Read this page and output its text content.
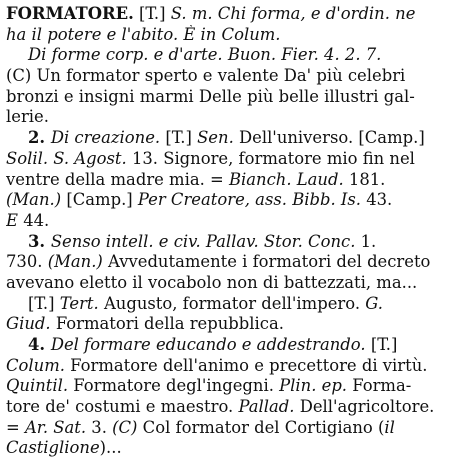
FORMATORE. [T.] S. m. Chi forma, e d'ordin. ne
ha il potere e l'abito. È in Colum.
Di forme corp. e d'arte. Buon. Fier. 4. 2. 7.
(C) Un formator sperto e valente Da' più celebri
bronzi e insigni marmi Delle più belle illustri gal-
lerie.
2. Di creazione. [T.] Sen. Dell'universo. [Camp.]
Solil. S. Agost. 13. Signore, formatore mio fin nel
ventre della madre mia. = Bianch. Laud. 181.
(Man.) [Camp.] Per Creatore, ass. Bibb. Is. 43.
E 44.
3. Senso intell. e civ. Pallav. Stor. Conc. 1.
730. (Man.) Avvedutamente i formatori del decreto
avevano eletto il vocabolo non di battezzati, ma...
[T.] Tert. Augusto, formator dell'impero. G.
Giud. Formatori della repubblica.
4. Del formare educando e addestrando. [T.]
Colum. Formatore dell'animo e precettore di virtù.
Quintil. Formatore degl'ingegni. Plin. ep. Forma-
tore de' costumi e maestro. Pallad. Dell'agricoltore.
= Ar. Sat. 3. (C) Col formator del Cortigiano (il
Castiglione)...
